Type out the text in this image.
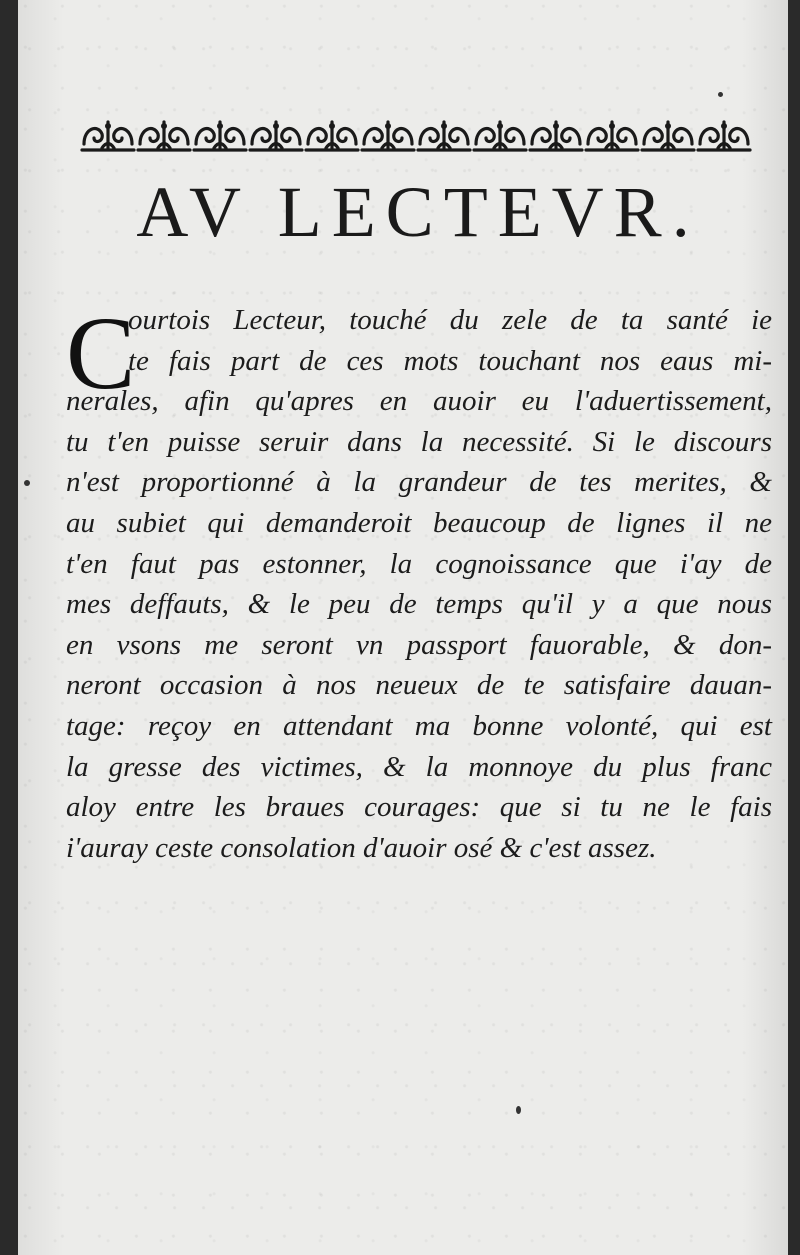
AV LECTEVR.
C
ourtois Lecteur, touché du zele de ta santé ie
te fais part de ces mots touchant nos eaus mi-
nerales, afin qu'apres en auoir eu l'aduertissement,
tu t'en puisse seruir dans la necessité. Si le discours
n'est proportionné à la grandeur de tes merites, &
au subiet qui demanderoit beaucoup de lignes il ne
t'en faut pas estonner, la cognoissance que i'ay de
mes deffauts, & le peu de temps qu'il y a que nous
en vsons me seront vn passport fauorable, & don-
neront occasion à nos neueux de te satisfaire dauan-
tage: reçoy en attendant ma bonne volonté, qui est
la gresse des victimes, & la monnoye du plus franc
aloy entre les braues courages: que si tu ne le fais
i'auray ceste consolation d'auoir osé & c'est assez.
